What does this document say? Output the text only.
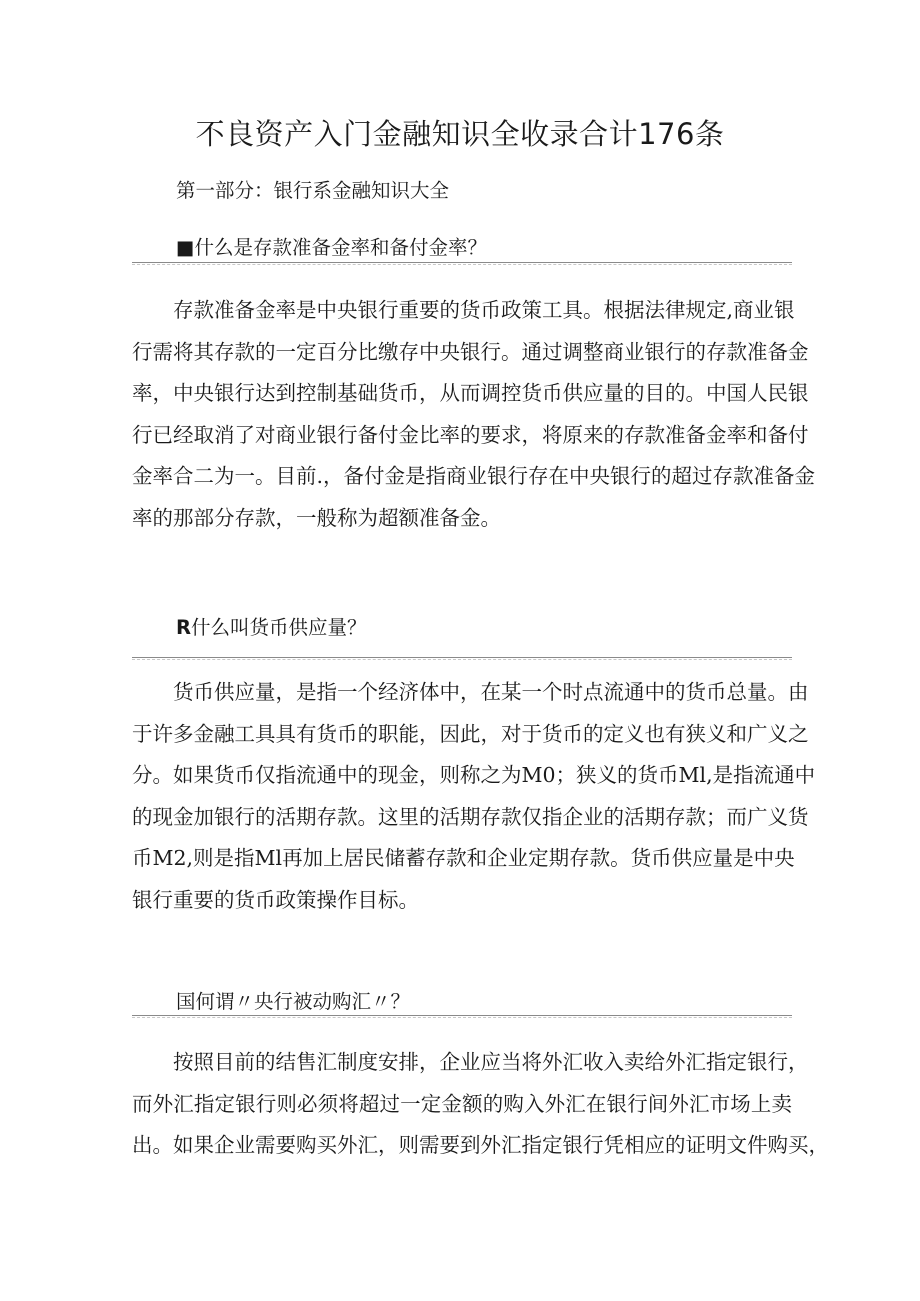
不良资产入门金融知识全收录合计176条

第一部分：银行系金融知识大全

■什么是存款准备金率和备付金率？

存款准备金率是中央银行重要的货币政策工具。根据法律规定,商业银
行需将其存款的一定百分比缴存中央银行。通过调整商业银行的存款准备金
率，中央银行达到控制基础货币，从而调控货币供应量的目的。中国人民银
行已经取消了对商业银行备付金比率的要求，将原来的存款准备金率和备付
金率合二为一。目前.，备付金是指商业银行存在中央银行的超过存款准备金
率的那部分存款，一般称为超额准备金。

R什么叫货币供应量？

货币供应量，是指一个经济体中，在某一个时点流通中的货币总量。由
于许多金融工具具有货币的职能，因此，对于货币的定义也有狭义和广义之
分。如果货币仅指流通中的现金，则称之为M0；狭义的货币Ml,是指流通中
的现金加银行的活期存款。这里的活期存款仅指企业的活期存款；而广义货
币M2,则是指Ml再加上居民储蓄存款和企业定期存款。货币供应量是中央
银行重要的货币政策操作目标。

国何谓〃央行被动购汇〃？

按照目前的结售汇制度安排，企业应当将外汇收入卖给外汇指定银行，
而外汇指定银行则必须将超过一定金额的购入外汇在银行间外汇市场上卖
出。如果企业需要购买外汇，则需要到外汇指定银行凭相应的证明文件购买，
